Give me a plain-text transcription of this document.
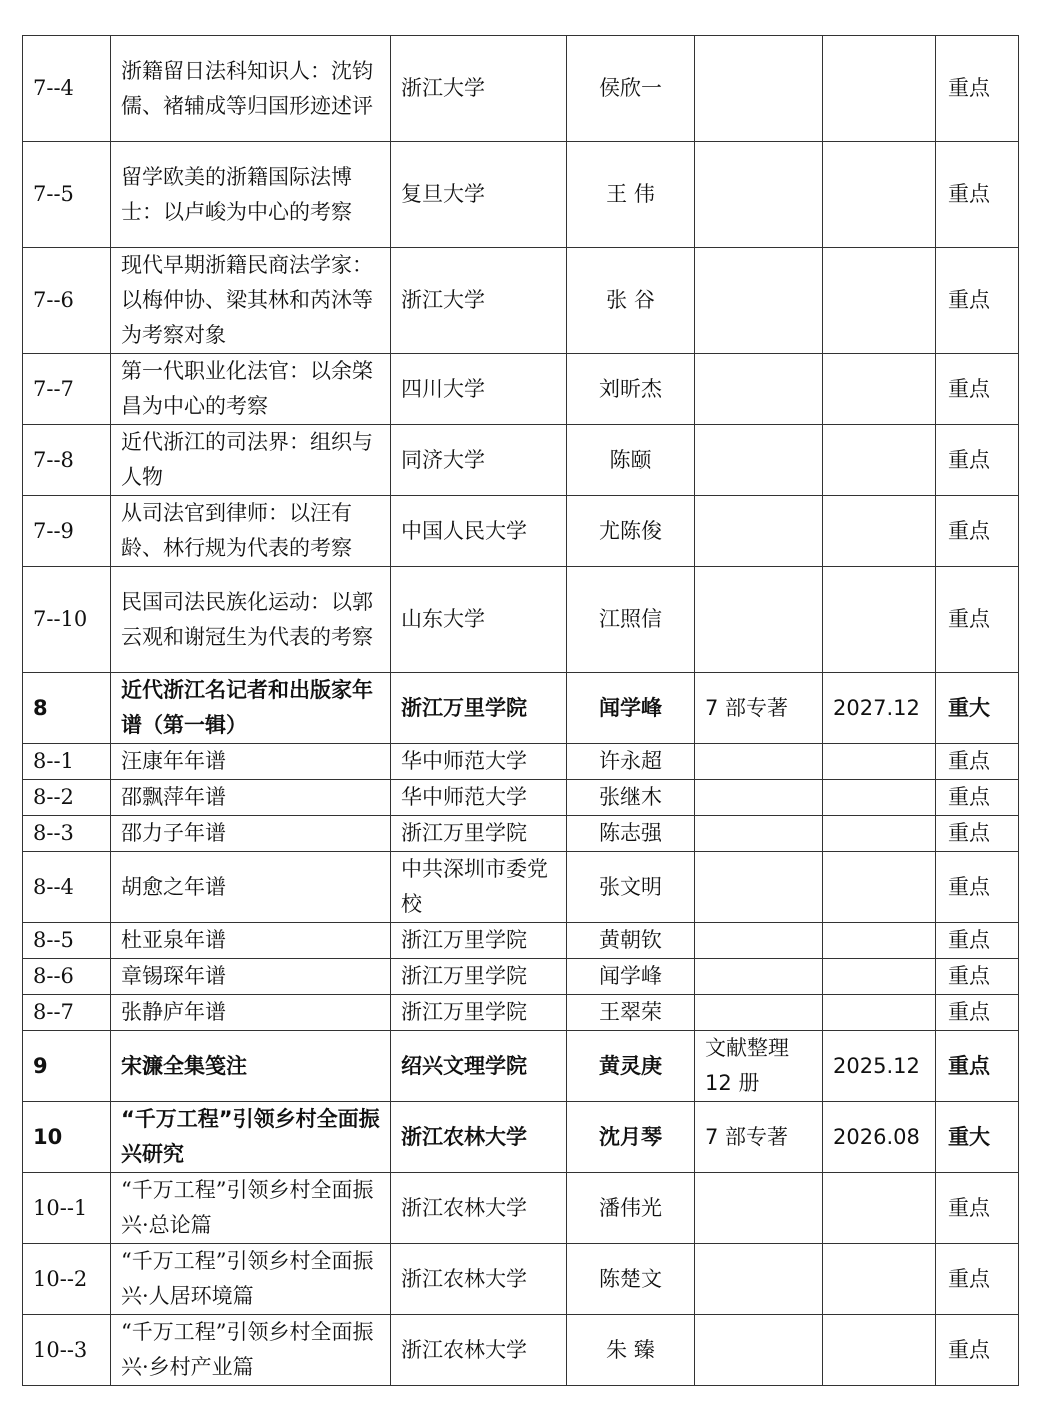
7--4	浙籍留日法科知识人：沈钧儒、褚辅成等归国形迹述评	浙江大学	侯欣一			重点
7--5	留学欧美的浙籍国际法博士：以卢峻为中心的考察	复旦大学	王 伟			重点
7--6	现代早期浙籍民商法学家：以梅仲协、梁其林和芮沐等为考察对象	浙江大学	张 谷			重点
7--7	第一代职业化法官：以余棨昌为中心的考察	四川大学	刘昕杰			重点
7--8	近代浙江的司法界：组织与人物	同济大学	陈颐			重点
7--9	从司法官到律师：以汪有龄、林行规为代表的考察	中国人民大学	尤陈俊			重点
7--10	民国司法民族化运动：以郭云观和谢冠生为代表的考察	山东大学	江照信			重点
8	近代浙江名记者和出版家年谱（第一辑）	浙江万里学院	闻学峰	7 部专著	2027.12	重大
8--1	汪康年年谱	华中师范大学	许永超			重点
8--2	邵飘萍年谱	华中师范大学	张继木			重点
8--3	邵力子年谱	浙江万里学院	陈志强			重点
8--4	胡愈之年谱	中共深圳市委党校	张文明			重点
8--5	杜亚泉年谱	浙江万里学院	黄朝钦			重点
8--6	章锡琛年谱	浙江万里学院	闻学峰			重点
8--7	张静庐年谱	浙江万里学院	王翠荣			重点
9	宋濂全集笺注	绍兴文理学院	黄灵庚	文献整理 12 册	2025.12	重点
10	“千万工程”引领乡村全面振兴研究	浙江农林大学	沈月琴	7 部专著	2026.08	重大
10--1	“千万工程”引领乡村全面振兴·总论篇	浙江农林大学	潘伟光			重点
10--2	“千万工程”引领乡村全面振兴·人居环境篇	浙江农林大学	陈楚文			重点
10--3	“千万工程”引领乡村全面振兴·乡村产业篇	浙江农林大学	朱 臻			重点
